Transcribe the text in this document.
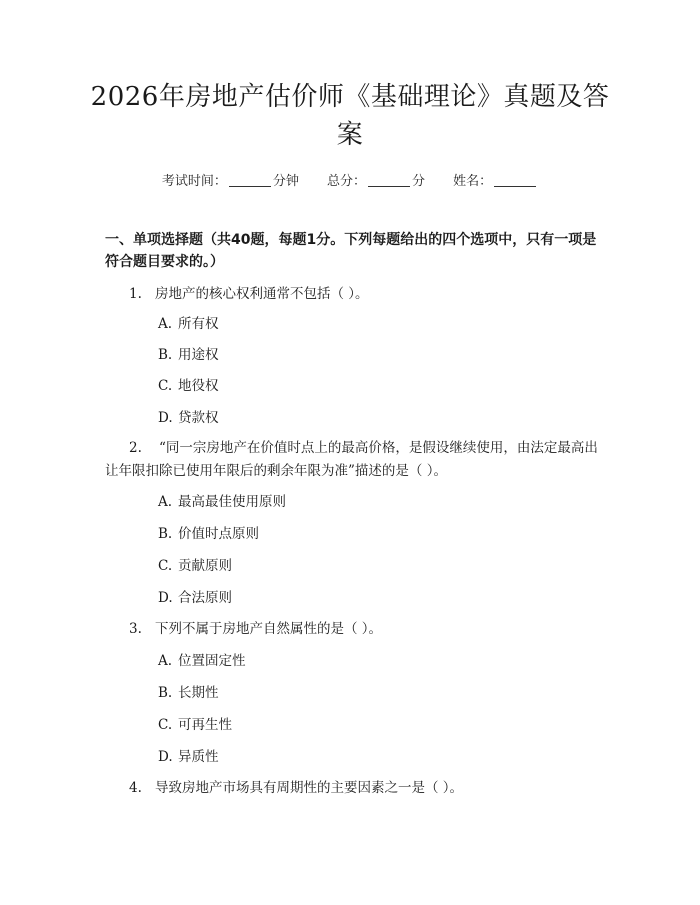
2026年房地产估价师《基础理论》真题及答案
考试时间：	分钟 总分：	分 姓名：
一、单项选择题（共40题，每题1分。下列每题给出的四个选项中，只有一项是符合题目要求的。）
1. 房地产的核心权利通常不包括（ ）。
A. 所有权
B. 用途权
C. 地役权
D. 贷款权
2. “同一宗房地产在价值时点上的最高价格，是假设继续使用，由法定最高出让年限扣除已使用年限后的剩余年限为准”描述的是（ ）。
A. 最高最佳使用原则
B. 价值时点原则
C. 贡献原则
D. 合法原则
3. 下列不属于房地产自然属性的是（ ）。
A. 位置固定性
B. 长期性
C. 可再生性
D. 异质性
4. 导致房地产市场具有周期性的主要因素之一是（ ）。
